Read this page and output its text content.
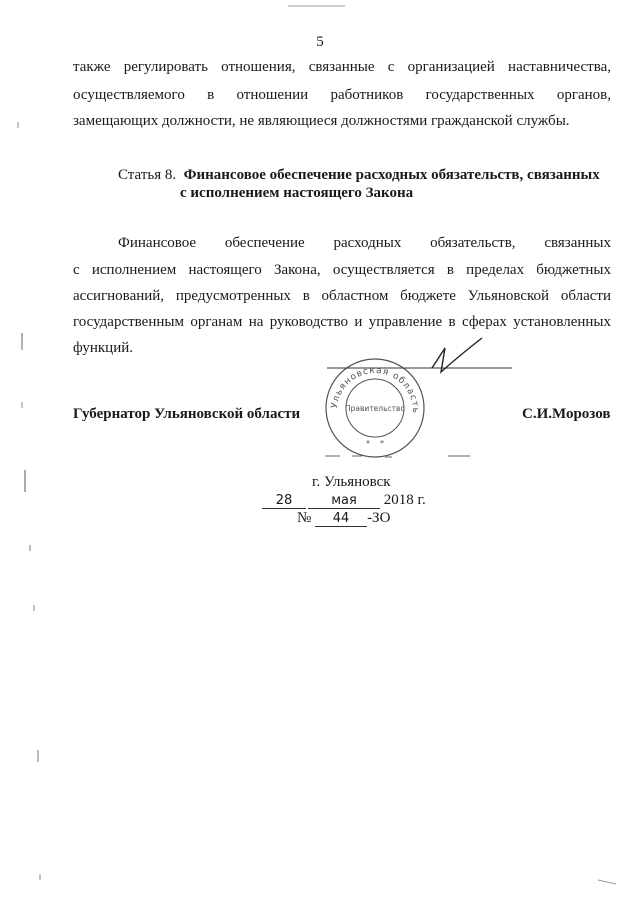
5
также регулировать отношения, связанные с организацией наставничества,
осуществляемого в отношении работников государственных органов,
замещающих должности, не являющиеся должностями гражданской службы.
Статья 8. Финансовое обеспечение расходных обязательств, связанных
с исполнением настоящего Закона
Финансовое обеспечение расходных обязательств, связанных
с исполнением настоящего Закона, осуществляется в пределах бюджетных
ассигнований, предусмотренных в областном бюджете Ульяновской области
государственным органам на руководство и управление в сферах установленных
функций.
Губернатор Ульяновской области	С.И.Морозов
Ульяновская область
Правительство
* *
г. Ульяновск
28	мая 2018 г.
№ 44 -ЗО
